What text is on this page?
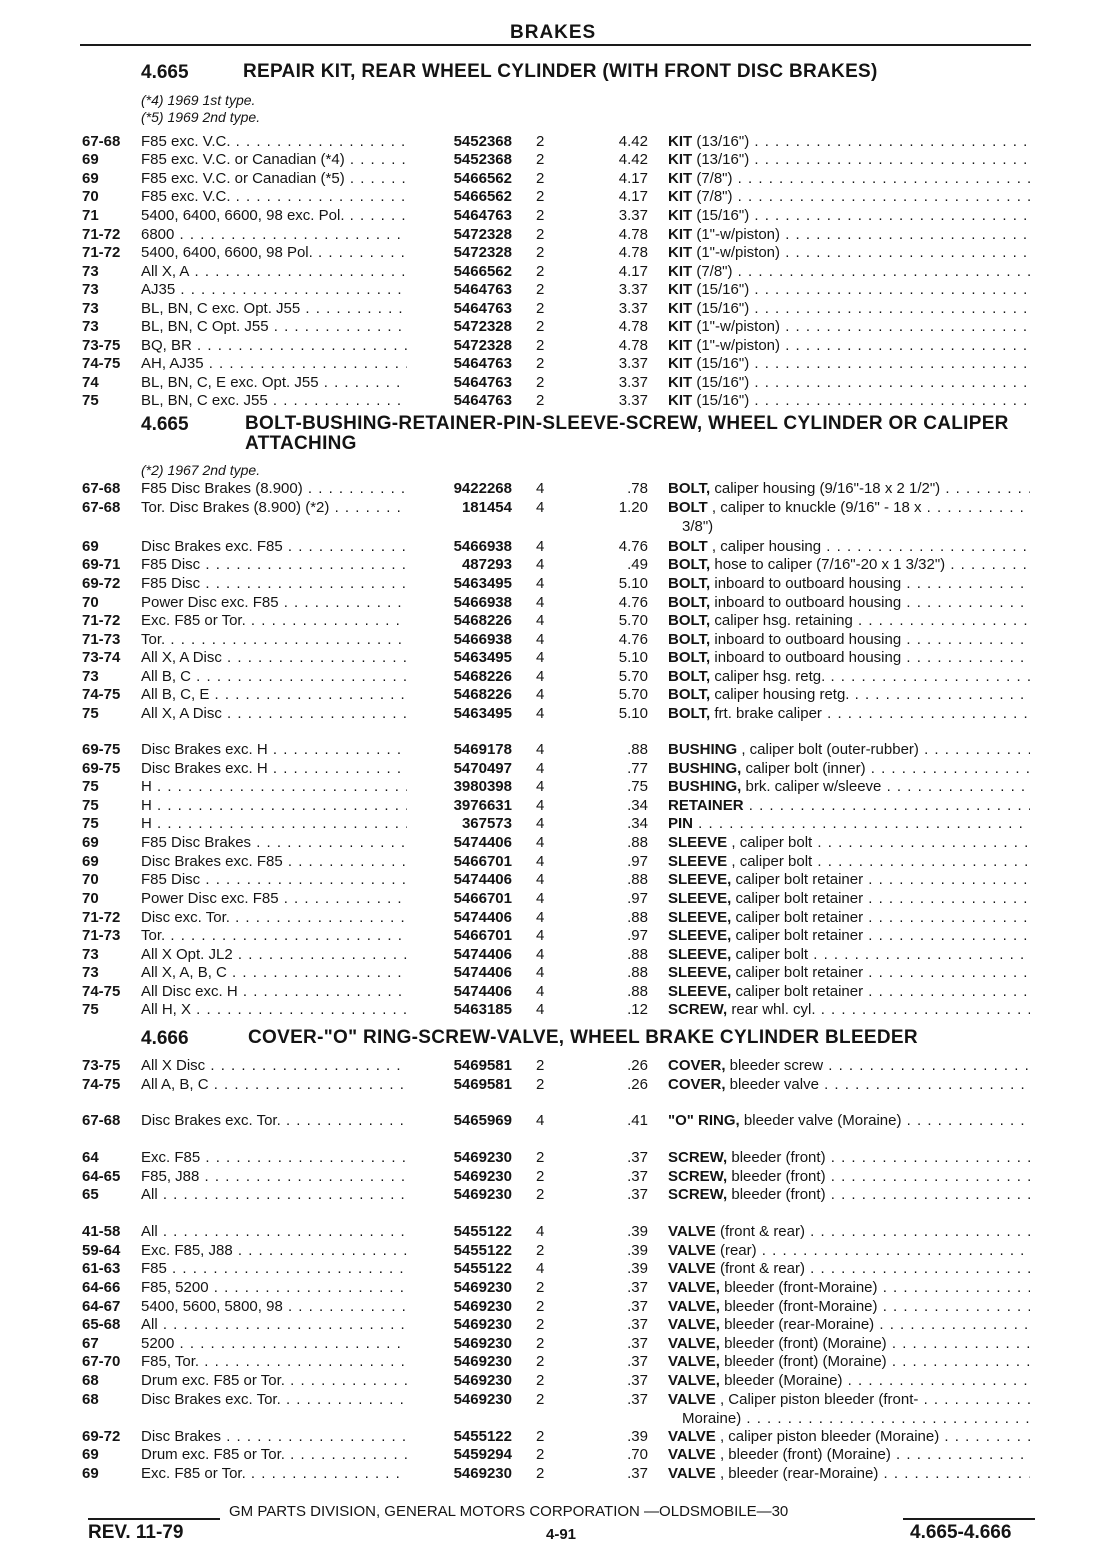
BRAKES
4.665	REPAIR KIT, REAR WHEEL CYLINDER (WITH FRONT DISC BRAKES)
(*4) 1969 1st type.
(*5) 1969 2nd type.
4.665	BOLT-BUSHING-RETAINER-PIN-SLEEVE-SCREW, WHEEL CYLINDER OR CALIPER ATTACHING
(*2) 1967 2nd type.
4.666	COVER-"O" RING-SCREW-VALVE, WHEEL BRAKE CYLINDER BLEEDER
67-68 F85 exc. V.C. . . .	5452368 2	4.42 KIT (13/16") . . .
69	F85 exc. V.C. or Canadian (*4) . . .	5452368 2	4.42 KIT (13/16") . . .
69	F85 exc. V.C. or Canadian (*5) . . .	5466562 2	4.17 KIT (7/8") . . .
70	F85 exc. V.C. . . .	5466562 2	4.17 KIT (7/8") . . .
71	5400, 6400, 6600, 98 exc. Pol. . . .	5464763 2	3.37 KIT (15/16") . . .
71-72 6800 . . .	5472328 2	4.78 KIT (1"-w/piston) . . .
71-72 5400, 6400, 6600, 98 Pol. . . .	5472328 2	4.78 KIT (1"-w/piston) . . .
73	All X, A . . .	5466562 2	4.17 KIT (7/8") . . .
73	AJ35 . . .	5464763 2	3.37 KIT (15/16") . . .
73	BL, BN, C exc. Opt. J55 . . .	5464763 2	3.37 KIT (15/16") . . .
73	BL, BN, C Opt. J55 . . .	5472328 2	4.78 KIT (1"-w/piston) . . .
73-75 BQ, BR . . .	5472328 2	4.78 KIT (1"-w/piston) . . .
74-75 AH, AJ35 . . .	5464763 2	3.37 KIT (15/16") . . .
74	BL, BN, C, E exc. Opt. J55 . . .	5464763 2	3.37 KIT (15/16") . . .
75	BL, BN, C exc. J55 . . .	5464763 2	3.37 KIT (15/16") . . .
67-68 F85 Disc Brakes (8.900) . . .	9422268 4	.78 BOLT, caliper housing (9/16"-18 x 2 1/2") . . .
67-68 Tor. Disc Brakes (8.900) (*2) . . .	181454 4	1.20 BOLT , caliper to knuckle (9/16" - 18 x . . .
3/8")
69	Disc Brakes exc. F85 . . .	5466938 4	4.76 BOLT , caliper housing . . .
69-71 F85 Disc . . .	487293 4	.49 BOLT, hose to caliper (7/16"-20 x 1 3/32") . . .
69-72 F85 Disc . . .	5463495 4	5.10 BOLT, inboard to outboard housing . . .
70	Power Disc exc. F85 . . .	5466938 4	4.76 BOLT, inboard to outboard housing . . .
71-72 Exc. F85 or Tor. . . .	5468226 4	5.70 BOLT, caliper hsg. retaining . . .
71-73 Tor. . . .	5466938 4	4.76 BOLT, inboard to outboard housing . . .
73-74 All X, A Disc . . .	5463495 4	5.10 BOLT, inboard to outboard housing . . .
73	All B, C . . .	5468226 4	5.70 BOLT, caliper hsg. retg. . . .
74-75 All B, C, E . . .	5468226 4	5.70 BOLT, caliper housing retg. . . .
75	All X, A Disc . . .	5463495 4	5.10 BOLT, frt. brake caliper . . .
69-75 Disc Brakes exc. H . . .	5469178 4	.88 BUSHING , caliper bolt (outer-rubber) . . .
69-75 Disc Brakes exc. H . . .	5470497 4	.77 BUSHING, caliper bolt (inner) . . .
75	H . . .	3980398 4	.75 BUSHING, brk. caliper w/sleeve . . .
75	H . . .	3976631 4	.34 RETAINER . . .
75	H . . .	367573 4	.34 PIN . . .
69	F85 Disc Brakes . . .	5474406 4	.88 SLEEVE , caliper bolt . . .
69	Disc Brakes exc. F85 . . .	5466701 4	.97 SLEEVE , caliper bolt . . .
70	F85 Disc . . .	5474406 4	.88 SLEEVE, caliper bolt retainer . . .
70	Power Disc exc. F85 . . .	5466701 4	.97 SLEEVE, caliper bolt retainer . . .
71-72 Disc exc. Tor. . . .	5474406 4	.88 SLEEVE, caliper bolt retainer . . .
71-73 Tor. . . .	5466701 4	.97 SLEEVE, caliper bolt retainer . . .
73	All X Opt. JL2 . . .	5474406 4	.88 SLEEVE, caliper bolt . . .
73	All X, A, B, C . . .	5474406 4	.88 SLEEVE, caliper bolt retainer . . .
74-75 All Disc exc. H . . .	5474406 4	.88 SLEEVE, caliper bolt retainer . . .
75	All H, X . . .	5463185 4	.12 SCREW, rear whl. cyl. . . .
73-75 All X Disc . . .	5469581 2	.26 COVER, bleeder screw . . .
74-75 All A, B, C . . .	5469581 2	.26 COVER, bleeder valve . . .
67-68 Disc Brakes exc. Tor. . . .	5465969 4	.41 "O" RING, bleeder valve (Moraine) . . .
64	Exc. F85 . . .	5469230 2	.37 SCREW, bleeder (front) . . .
64-65 F85, J88 . . .	5469230 2	.37 SCREW, bleeder (front) . . .
65	All . . .	5469230 2	.37 SCREW, bleeder (front) . . .
41-58 All . . .	5455122 4	.39 VALVE (front & rear) . . .
59-64 Exc. F85, J88 . . .	5455122 2	.39 VALVE (rear) . . .
61-63 F85 . . .	5455122 4	.39 VALVE (front & rear) . . .
64-66 F85, 5200 . . .	5469230 2	.37 VALVE, bleeder (front-Moraine) . . .
64-67 5400, 5600, 5800, 98 . . .	5469230 2	.37 VALVE, bleeder (front-Moraine) . . .
65-68 All . . .	5469230 2	.37 VALVE, bleeder (rear-Moraine) . . .
67	5200 . . .	5469230 2	.37 VALVE, bleeder (front) (Moraine) . . .
67-70 F85, Tor. . . .	5469230 2	.37 VALVE, bleeder (front) (Moraine) . . .
68	Drum exc. F85 or Tor. . . .	5469230 2	.37 VALVE, bleeder (Moraine) . . .
68	Disc Brakes exc. Tor. . . .	5469230 2	.37 VALVE , Caliper piston bleeder (front- . . .
Moraine) . . .
69-72 Disc Brakes . . .	5455122 2	.39 VALVE , caliper piston bleeder (Moraine) . . .
69	Drum exc. F85 or Tor. . . .	5459294 2	.70 VALVE , bleeder (front) (Moraine) . . .
69	Exc. F85 or Tor. . . .	5469230 2	.37 VALVE , bleeder (rear-Moraine) . . .
GM PARTS DIVISION, GENERAL MOTORS CORPORATION —OLDSMOBILE—30
REV. 11-79	4-91	4.665-4.666
